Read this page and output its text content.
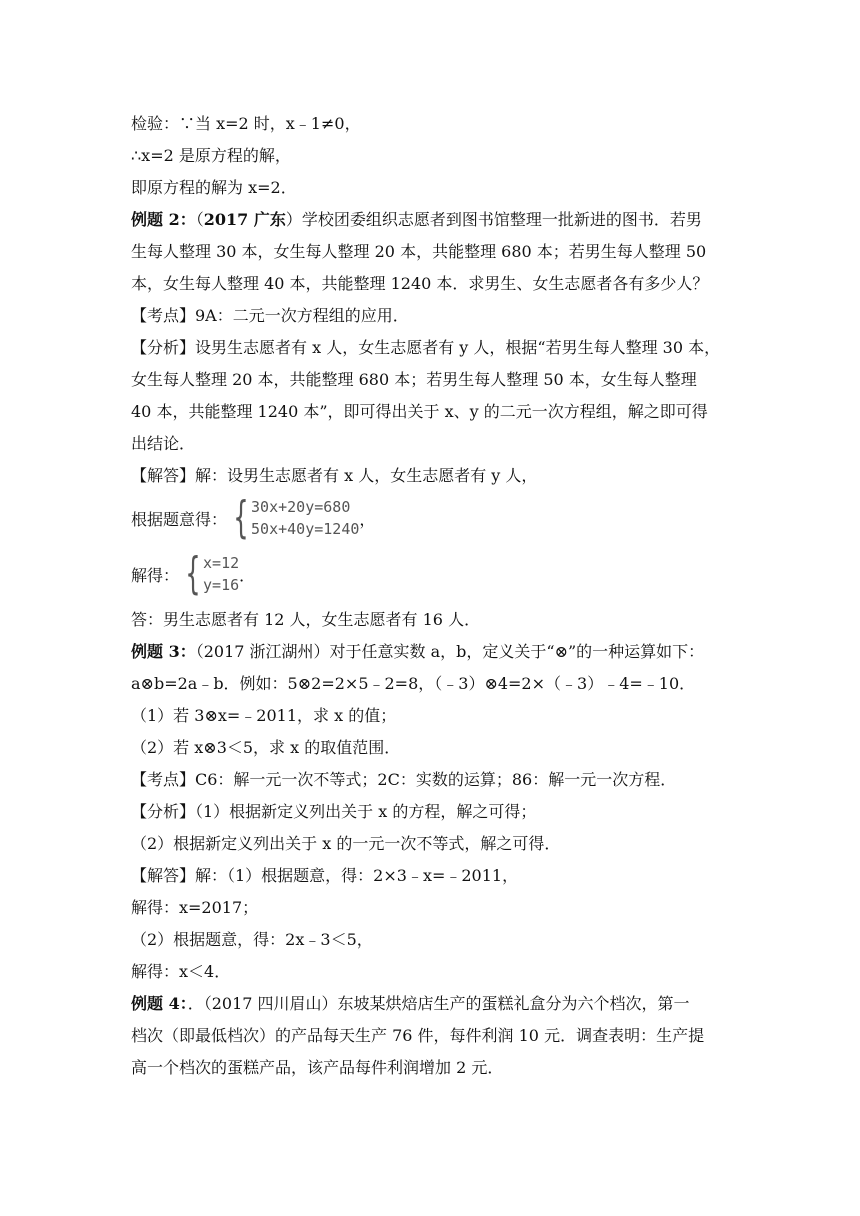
检验：∵当 x=2 时，x﹣1≠0，
∴x=2 是原方程的解，
即原方程的解为 x=2．
例题 2：（2017 广东）学校团委组织志愿者到图书馆整理一批新进的图书．若男
生每人整理 30 本，女生每人整理 20 本，共能整理 680 本；若男生每人整理 50
本，女生每人整理 40 本，共能整理 1240 本．求男生、女生志愿者各有多少人？
【考点】9A：二元一次方程组的应用．
【分析】设男生志愿者有 x 人，女生志愿者有 y 人，根据“若男生每人整理 30 本，
女生每人整理 20 本，共能整理 680 本；若男生每人整理 50 本，女生每人整理
40 本，共能整理 1240 本”，即可得出关于 x、y 的二元一次方程组，解之即可得
出结论．
【解答】解：设男生志愿者有 x 人，女生志愿者有 y 人，
根据题意得： { 30x+20y=680
50x+40y=1240 ，
解得： { x=12
y=16 ．
答：男生志愿者有 12 人，女生志愿者有 16 人．
例题 3：（2017 浙江湖州）对于任意实数 a，b，定义关于“⊗”的一种运算如下：
a⊗b=2a﹣b．例如：5⊗2=2×5﹣2=8，（﹣3）⊗4=2×（﹣3）﹣4=﹣10．
（1）若 3⊗x=﹣2011，求 x 的值；
（2）若 x⊗3＜5，求 x 的取值范围．
【考点】C6：解一元一次不等式；2C：实数的运算；86：解一元一次方程．
【分析】（1）根据新定义列出关于 x 的方程，解之可得；
（2）根据新定义列出关于 x 的一元一次不等式，解之可得．
【解答】解：（1）根据题意，得：2×3﹣x=﹣2011，
解得：x=2017；
（2）根据题意，得：2x﹣3＜5，
解得：x＜4．
例题 4：．（2017 四川眉山）东坡某烘焙店生产的蛋糕礼盒分为六个档次，第一
档次（即最低档次）的产品每天生产 76 件，每件利润 10 元．调查表明：生产提
高一个档次的蛋糕产品，该产品每件利润增加 2 元．
